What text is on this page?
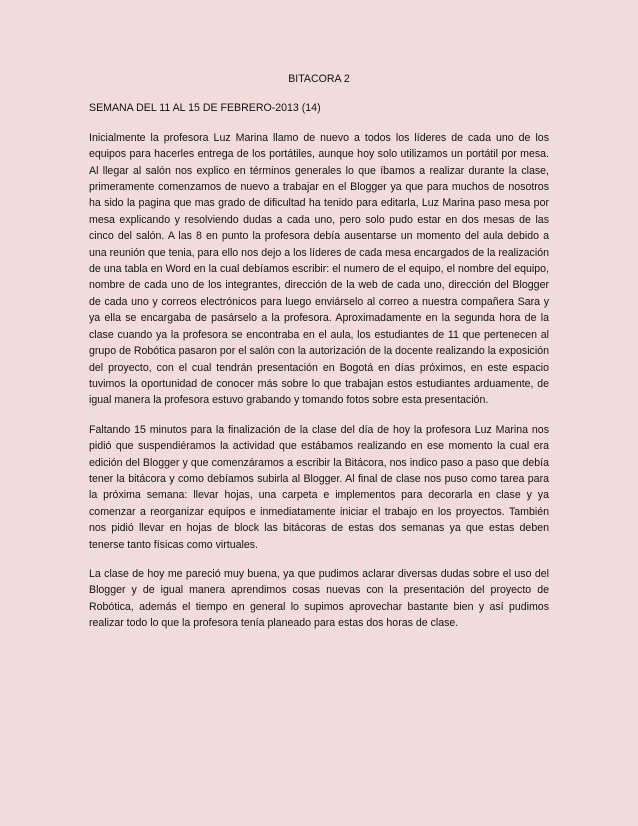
BITACORA 2

SEMANA DEL 11 AL 15 DE FEBRERO-2013 (14)

Inicialmente la profesora Luz Marina llamo de nuevo a todos los líderes de cada uno de los equipos para hacerles entrega de los portátiles, aunque hoy solo utilizamos un portátil por mesa. Al llegar al salón nos explico en términos generales lo que íbamos a realizar durante la clase, primeramente comenzamos de nuevo a trabajar en el Blogger ya que para muchos de nosotros ha sido la pagina que mas grado de dificultad ha tenido para editarla, Luz Marina paso mesa por mesa explicando y resolviendo dudas a cada uno, pero solo pudo estar en dos mesas de las cinco del salón. A las 8 en punto la profesora debía ausentarse un momento del aula debido a una reunión que tenia, para ello nos dejo a los líderes de cada mesa encargados de la realización de una tabla en Word en la cual debíamos escribir: el numero de el equipo, el nombre del equipo, nombre de cada uno de los integrantes, dirección de la web de cada uno, dirección del Blogger de cada uno y correos electrónicos para luego enviárselo al correo a nuestra compañera Sara y ya ella se encargaba de pasárselo a la profesora. Aproximadamente en la segunda hora de la clase cuando ya la profesora se encontraba en el aula, los estudiantes de 11 que pertenecen al grupo de Robótica pasaron por el salón con la autorización de la docente realizando la exposición del proyecto, con el cual tendrán presentación en Bogotá en días próximos, en este espacio tuvimos la oportunidad de conocer más sobre lo que trabajan estos estudiantes arduamente, de igual manera la profesora estuvo grabando y tomando fotos sobre esta presentación.

Faltando 15 minutos para la finalización de la clase del día de hoy la profesora Luz Marina nos pidió que suspendiéramos la actividad que estábamos realizando en ese momento la cual era edición del Blogger y que comenzáramos a escribir la Bitácora, nos indico paso a paso que debía tener la bitácora y como debíamos subirla al Blogger. Al final de clase nos puso como tarea para la próxima semana: llevar hojas, una carpeta e implementos para decorarla en clase y ya comenzar a reorganizar equipos e inmediatamente iniciar el trabajo en los proyectos. También nos pidió llevar en hojas de block las bitácoras de estas dos semanas ya que estas deben tenerse tanto físicas como virtuales.

La clase de hoy me pareció muy buena, ya que pudimos aclarar diversas dudas sobre el uso del Blogger y de igual manera aprendimos cosas nuevas con la presentación del proyecto de Robótica, además el tiempo en general lo supimos aprovechar bastante bien y así pudimos realizar todo lo que la profesora tenía planeado para estas dos horas de clase.
